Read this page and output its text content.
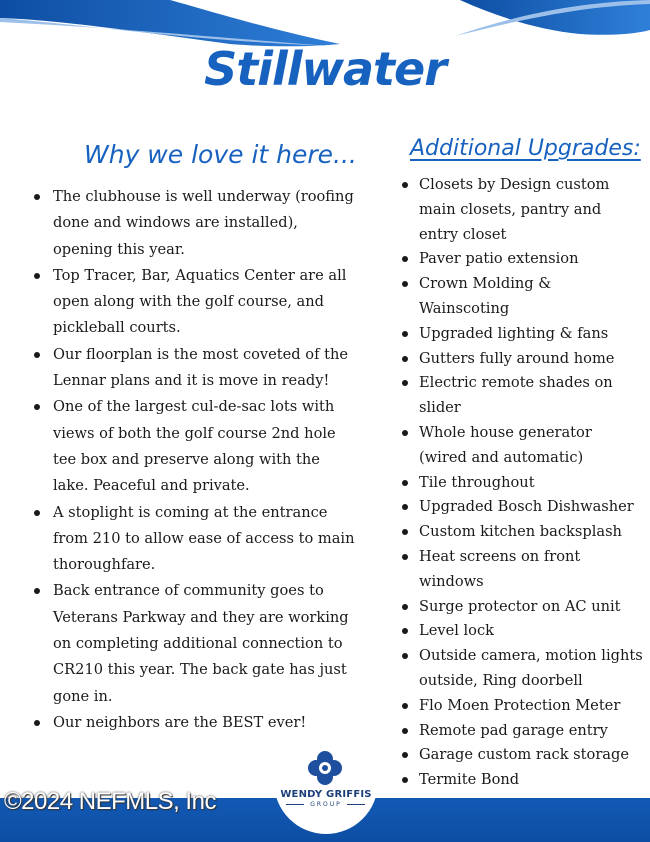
Stillwater
Why we love it here...
The clubhouse is well underway (roofing done and windows are installed), opening this year.
Top Tracer, Bar, Aquatics Center are all open along with the golf course, and pickleball courts.
Our floorplan is the most coveted of the Lennar plans and it is move in ready!
One of the largest cul-de-sac lots with views of both the golf course 2nd hole tee box and preserve along with the lake. Peaceful and private.
A stoplight is coming at the entrance from 210 to allow ease of access to main thoroughfare.
Back entrance of community goes to Veterans Parkway and they are working on completing additional connection to CR210 this year. The back gate has just gone in.
Our neighbors are the BEST ever!
Additional Upgrades:
Closets by Design custom main closets, pantry and entry closet
Paver patio extension
Crown Molding & Wainscoting
Upgraded lighting & fans
Gutters fully around home
Electric remote shades on slider
Whole house generator (wired and automatic)
Tile throughout
Upgraded Bosch Dishwasher
Custom kitchen backsplash
Heat screens on front windows
Surge protector on AC unit
Level lock
Outside camera, motion lights outside, Ring doorbell
Flo Moen Protection Meter
Remote pad garage entry
Garage custom rack storage
Termite Bond
WENDY GRIFFIS
GROUP
©2024 NEFMLS, Inc
